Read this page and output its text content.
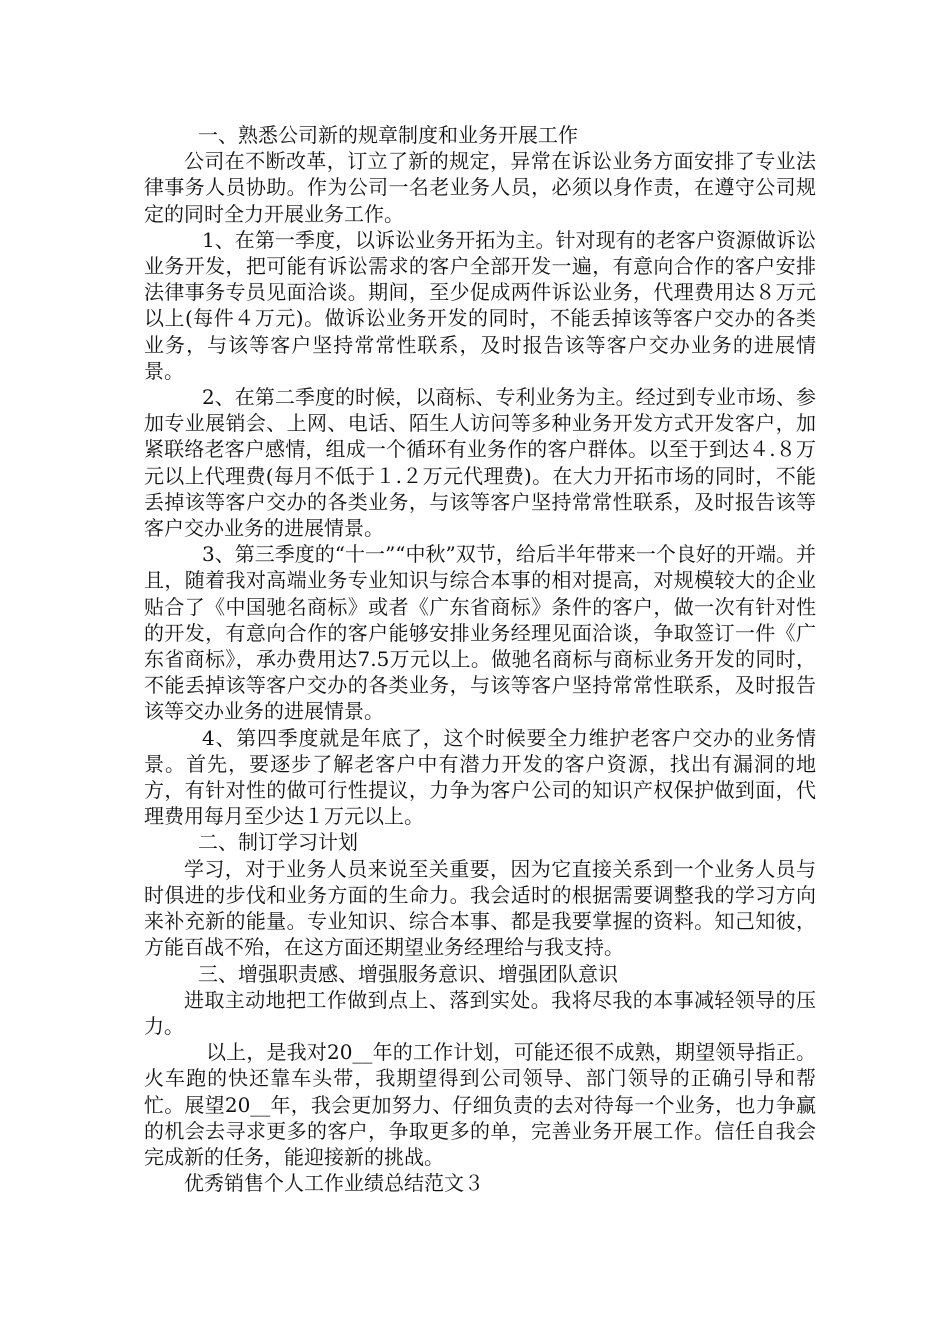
一、熟悉公司新的规章制度和业务开展工作

公司在不断改革，订立了新的规定，异常在诉讼业务方面安排了专业法律事务人员协助。作为公司一名老业务人员，必须以身作责，在遵守公司规定的同时全力开展业务工作。

1、在第一季度，以诉讼业务开拓为主。针对现有的老客户资源做诉讼业务开发，把可能有诉讼需求的客户全部开发一遍，有意向合作的客户安排法律事务专员见面洽谈。期间，至少促成两件诉讼业务，代理费用达８万元以上(每件４万元)。做诉讼业务开发的同时，不能丢掉该等客户交办的各类业务，与该等客户坚持常常性联系，及时报告该等客户交办业务的进展情景。

2、在第二季度的时候，以商标、专利业务为主。经过到专业市场、参加专业展销会、上网、电话、陌生人访问等多种业务开发方式开发客户，加紧联络老客户感情，组成一个循环有业务作的客户群体。以至于到达４.８万元以上代理费(每月不低于１.２万元代理费)。在大力开拓市场的同时，不能丢掉该等客户交办的各类业务，与该等客户坚持常常性联系，及时报告该等客户交办业务的进展情景。

3、第三季度的“十一”“中秋”双节，给后半年带来一个良好的开端。并且，随着我对高端业务专业知识与综合本事的相对提高，对规模较大的企业贴合了《中国驰名商标》或者《广东省商标》条件的客户，做一次有针对性的开发，有意向合作的客户能够安排业务经理见面洽谈，争取签订一件《广东省商标》，承办费用达7.5万元以上。做驰名商标与商标业务开发的同时，不能丢掉该等客户交办的各类业务，与该等客户坚持常常性联系，及时报告该等交办业务的进展情景。

4、第四季度就是年底了，这个时候要全力维护老客户交办的业务情景。首先，要逐步了解老客户中有潜力开发的客户资源，找出有漏洞的地方，有针对性的做可行性提议，力争为客户公司的知识产权保护做到面，代理费用每月至少达１万元以上。

二、制订学习计划

学习，对于业务人员来说至关重要，因为它直接关系到一个业务人员与时俱进的步伐和业务方面的生命力。我会适时的根据需要调整我的学习方向来补充新的能量。专业知识、综合本事、都是我要掌握的资料。知己知彼，方能百战不殆，在这方面还期望业务经理给与我支持。

三、增强职责感、增强服务意识、增强团队意识

进取主动地把工作做到点上、落到实处。我将尽我的本事减轻领导的压力。

以上，是我对20__年的工作计划，可能还很不成熟，期望领导指正。火车跑的快还靠车头带，我期望得到公司领导、部门领导的正确引导和帮忙。展望20__年，我会更加努力、仔细负责的去对待每一个业务，也力争赢的机会去寻求更多的客户，争取更多的单，完善业务开展工作。信任自我会完成新的任务，能迎接新的挑战。

优秀销售个人工作业绩总结范文３
